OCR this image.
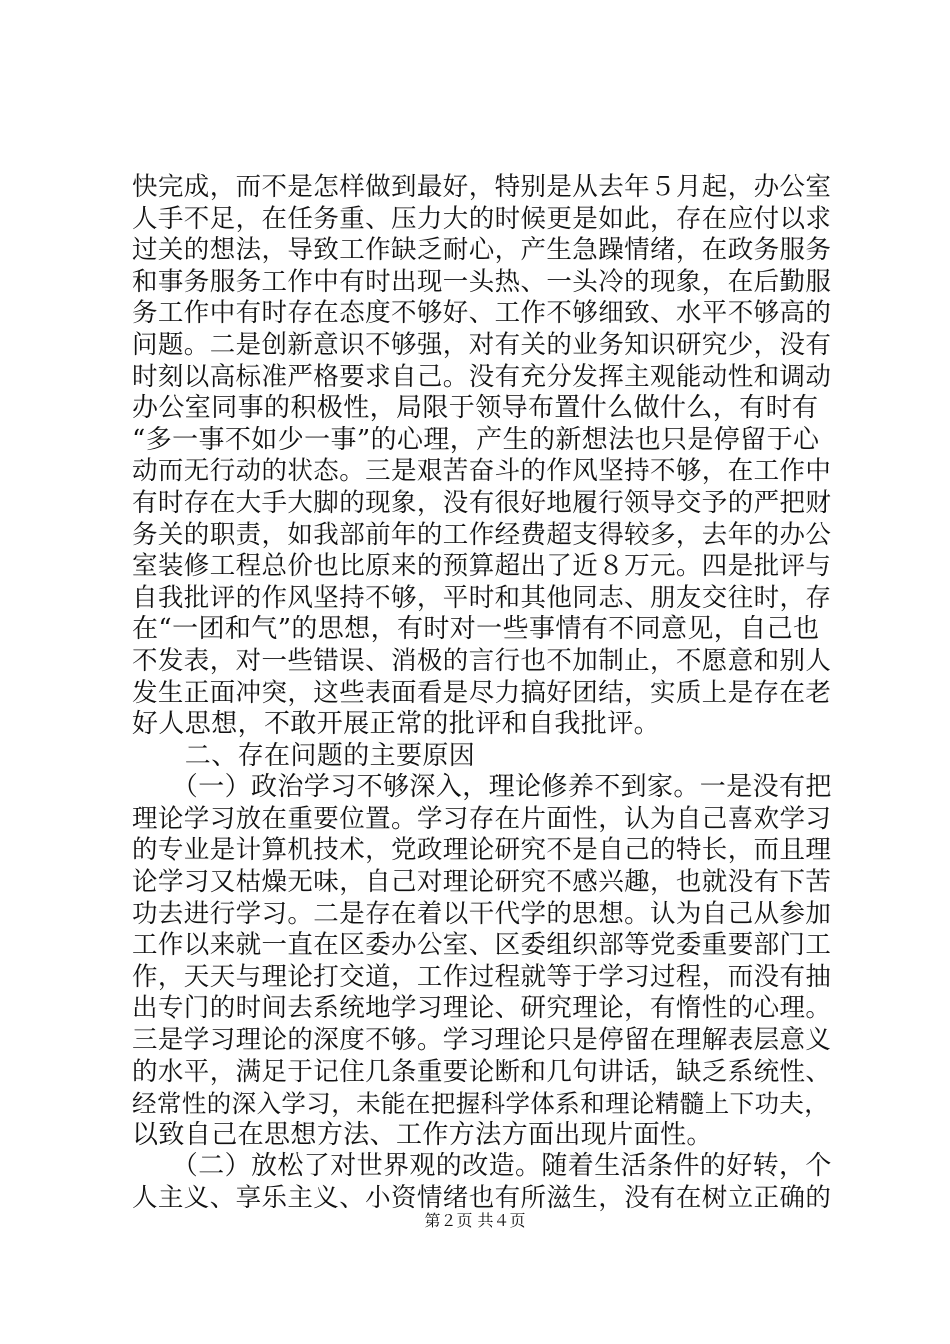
快完成，而不是怎样做到最好，特别是从去年５月起，办公室
人手不足，在任务重、压力大的时候更是如此，存在应付以求
过关的想法，导致工作缺乏耐心，产生急躁情绪，在政务服务
和事务服务工作中有时出现一头热、一头冷的现象，在后勤服
务工作中有时存在态度不够好、工作不够细致、水平不够高的
问题。二是创新意识不够强，对有关的业务知识研究少，没有
时刻以高标准严格要求自己。没有充分发挥主观能动性和调动
办公室同事的积极性，局限于领导布置什么做什么，有时有
“多一事不如少一事”的心理，产生的新想法也只是停留于心
动而无行动的状态。三是艰苦奋斗的作风坚持不够，在工作中
有时存在大手大脚的现象，没有很好地履行领导交予的严把财
务关的职责，如我部前年的工作经费超支得较多，去年的办公
室装修工程总价也比原来的预算超出了近８万元。四是批评与
自我批评的作风坚持不够，平时和其他同志、朋友交往时，存
在“一团和气”的思想，有时对一些事情有不同意见，自己也
不发表，对一些错误、消极的言行也不加制止，不愿意和别人
发生正面冲突，这些表面看是尽力搞好团结，实质上是存在老
好人思想，不敢开展正常的批评和自我批评。
　　二、存在问题的主要原因
　　（一）政治学习不够深入，理论修养不到家。一是没有把
理论学习放在重要位置。学习存在片面性，认为自己喜欢学习
的专业是计算机技术，党政理论研究不是自己的特长，而且理
论学习又枯燥无味，自己对理论研究不感兴趣，也就没有下苦
功去进行学习。二是存在着以干代学的思想。认为自己从参加
工作以来就一直在区委办公室、区委组织部等党委重要部门工
作，天天与理论打交道，工作过程就等于学习过程，而没有抽
出专门的时间去系统地学习理论、研究理论，有惰性的心理。
三是学习理论的深度不够。学习理论只是停留在理解表层意义
的水平，满足于记住几条重要论断和几句讲话，缺乏系统性、
经常性的深入学习，未能在把握科学体系和理论精髓上下功夫，
以致自己在思想方法、工作方法方面出现片面性。
　　（二）放松了对世界观的改造。随着生活条件的好转，个
人主义、享乐主义、小资情绪也有所滋生，没有在树立正确的
第２页 共４页
